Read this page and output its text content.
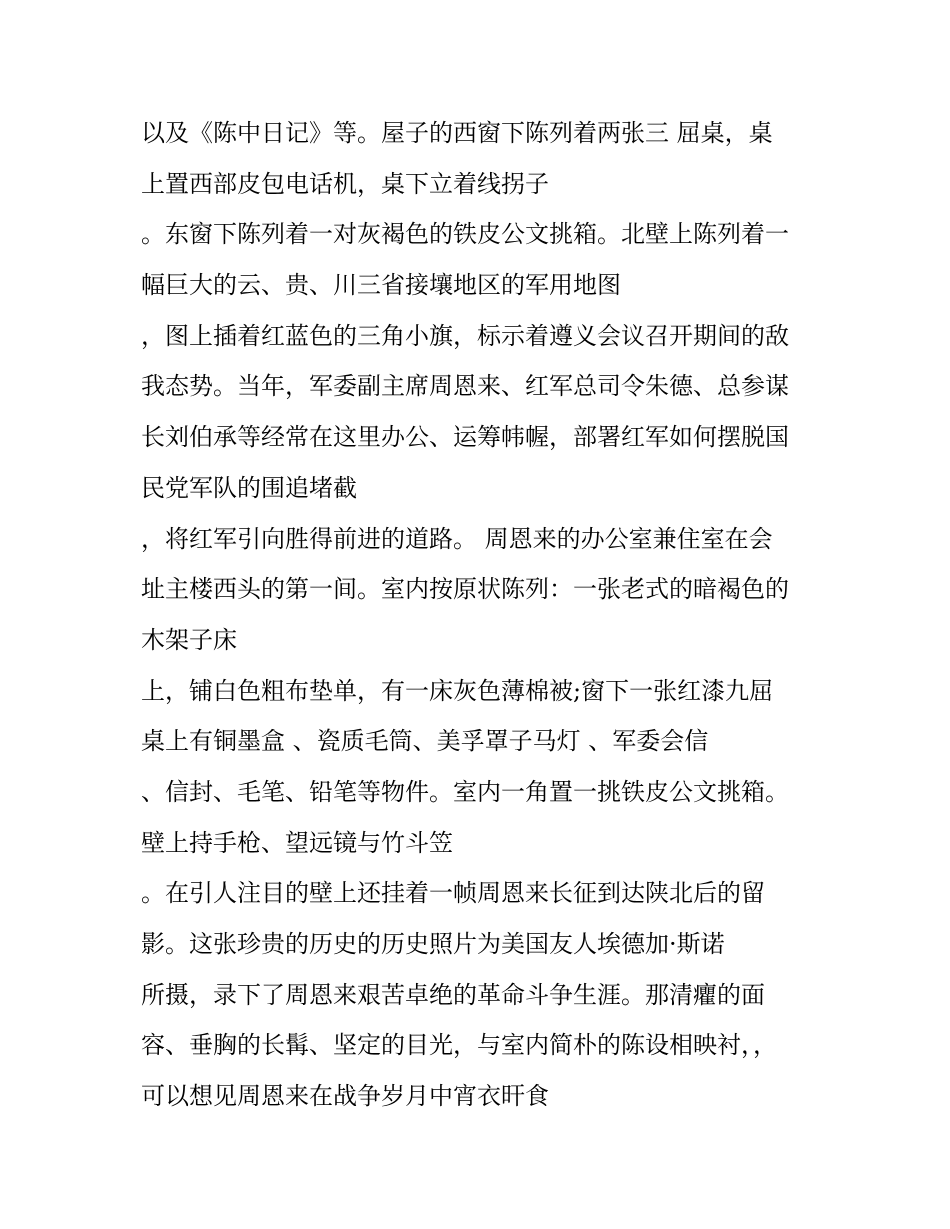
以及《陈中日记》等。屋子的西窗下陈列着两张三 屈桌，桌
上置西部皮包电话机，桌下立着线拐子
。东窗下陈列着一对灰褐色的铁皮公文挑箱。北壁上陈列着一
幅巨大的云、贵、川三省接壤地区的军用地图
，图上插着红蓝色的三角小旗，标示着遵义会议召开期间的敌
我态势。当年，军委副主席周恩来、红军总司令朱德、总参谋
长刘伯承等经常在这里办公、运筹帏幄，部署红军如何摆脱国
民党军队的围追堵截
，将红军引向胜得前进的道路。 周恩来的办公室兼住室在会
址主楼西头的第一间。室内按原状陈列：一张老式的暗褐色的
木架子床
上，铺白色粗布垫单，有一床灰色薄棉被;窗下一张红漆九屈
桌上有铜墨盒 、瓷质毛筒、美孚罩子马灯 、军委会信
、信封、毛笔、铅笔等物件。室内一角置一挑铁皮公文挑箱。
壁上持手枪、望远镜与竹斗笠
。在引人注目的壁上还挂着一帧周恩来长征到达陕北后的留
影。这张珍贵的历史的历史照片为美国友人埃德加·斯诺
所摄，录下了周恩来艰苦卓绝的革命斗争生涯。那清癯的面
容、垂胸的长髯、坚定的目光，与室内简朴的陈设相映衬，，
可以想见周恩来在战争岁月中宵衣旰食
